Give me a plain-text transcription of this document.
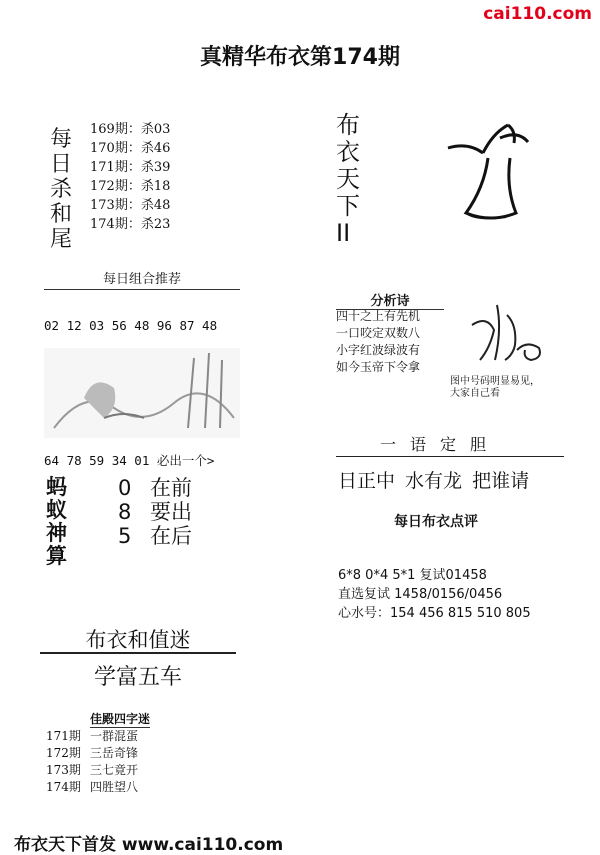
cai110.com
真精华布衣第174期
每日杀和尾
169期：杀03
170期：杀46
171期：杀39
172期：杀18
173期：杀48
174期：杀23
每日组合推荐

02 12 03 56 48 96 87 48

64 78 59 34 01 必出一个>

蚂蚁神算
0 在前
8 要出
5 在后
布衣和值迷
学富五车
佳殿四字迷
171期 一群混蛋
172期 三岳奇锋
173期 三七竟开
174期 四胜望八
布衣天下首发 www.cai110.com
布衣天下II
分析诗
四十之上有先机
一口咬定双数八
小字红波绿波有
如今玉帝下令拿
图中号码明显易见，
大家自己看
一语定胆
日正中 水有龙 把谁请
每日布衣点评
6*8 0*4 5*1 复试01458
直选复试 1458/0156/0456
心水号：154 456 815 510 805
